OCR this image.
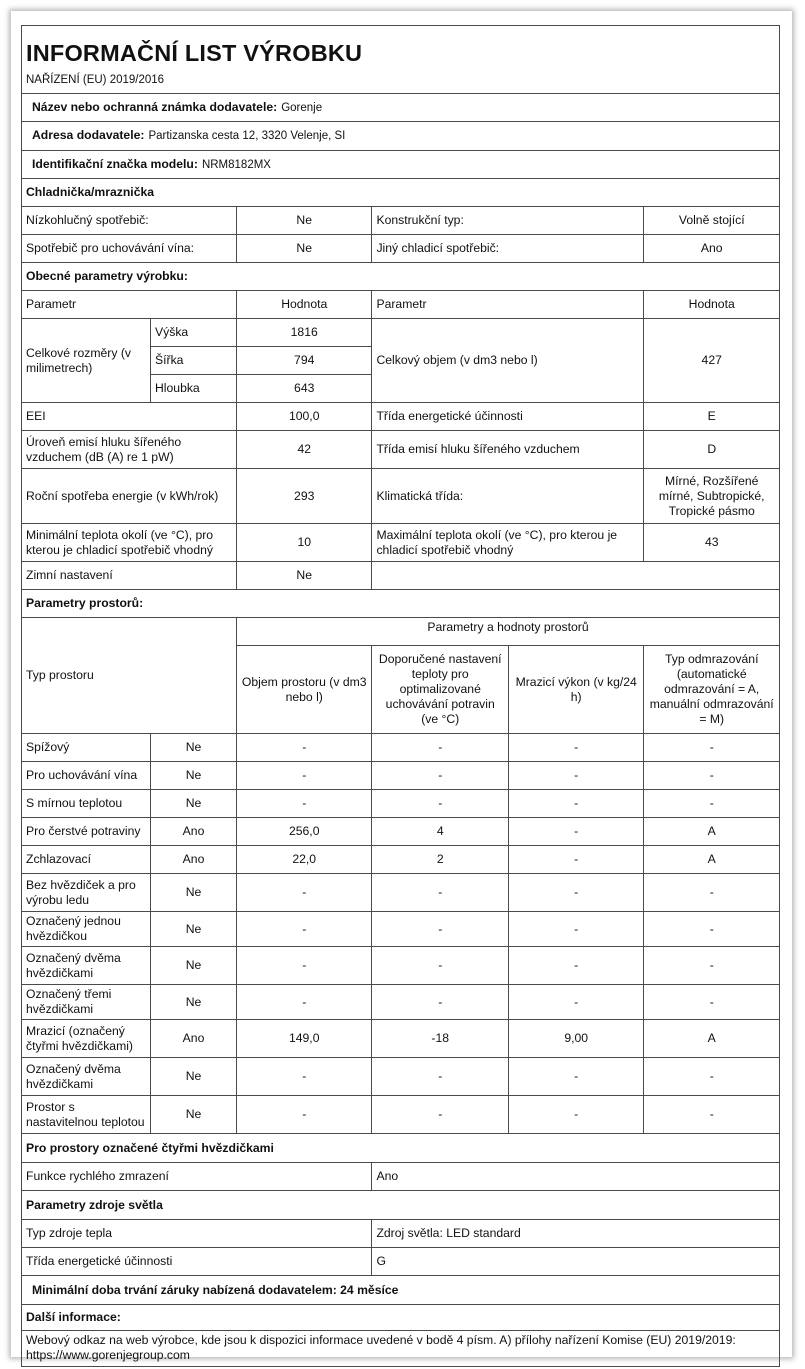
INFORMAČNÍ LIST VÝROBKU					
NAŘÍZENÍ (EU) 2019/2016					
Název nebo ochranná známka dodavatele: Gorenje					
Adresa dodavatele: Partizanska cesta 12, 3320 Velenje, SI					
Identifikační značka modelu: NRM8182MX					
Chladnička/mraznička					
Nízkohlučný spotřebič:		Ne	Konstrukční typ:		Volně stojící
Spotřebič pro uchovávání vína:		Ne	Jiný chladicí spotřebič:		Ano
Obecné parametry výrobku:					
Parametr		Hodnota	Parametr		Hodnota
Celkové rozměry (v milimetrech)	Výška	1816	Celkový objem (v dm3 nebo l)		427
	Šířka	794			
	Hloubka	643			
EEI		100,0	Třída energetické účinnosti		E
Úroveň emisí hluku šířeného vzduchem (dB (A) re 1 pW)		42	Třída emisí hluku šířeného vzduchem		D
Roční spotřeba energie (v kWh/rok)		293	Klimatická třída:		Mírné, Rozšířené mírné, Subtropické, Tropické pásmo
Minimální teplota okolí (ve °C), pro kterou je chladicí spotřebič vhodný		10	Maximální teplota okolí (ve °C), pro kterou je chladicí spotřebič vhodný		43
Zimní nastavení		Ne			
Parametry prostorů:					
Typ prostoru		Parametry a hodnoty prostorů			
		Objem prostoru (v dm3 nebo l)	Doporučené nastavení teploty pro optimalizované uchovávání potravin (ve °C)	Mrazicí výkon (v kg/24 h)	Typ odmrazování (automatické odmrazování = A, manuální odmrazování = M)
Spížový	Ne	-	-	-	-
Pro uchovávání vína	Ne	-	-	-	-
S mírnou teplotou	Ne	-	-	-	-
Pro čerstvé potraviny	Ano	256,0	4	-	A
Zchlazovací	Ano	22,0	2	-	A
Bez hvězdiček a pro výrobu ledu	Ne	-	-	-	-
Označený jednou hvězdičkou	Ne	-	-	-	-
Označený dvěma hvězdičkami	Ne	-	-	-	-
Označený třemi hvězdičkami	Ne	-	-	-	-
Mrazicí (označený čtyřmi hvězdičkami)	Ano	149,0	-18	9,00	A
Označený dvěma hvězdičkami	Ne	-	-	-	-
Prostor s nastavitelnou teplotou	Ne	-	-	-	-
Pro prostory označené čtyřmi hvězdičkami					
Funkce rychlého zmrazení			Ano		
Parametry zdroje světla					
Typ zdroje tepla			Zdroj světla: LED standard		
Třída energetické účinnosti			G		
Minimální doba trvání záruky nabízená dodavatelem: 24 měsíce					
Další informace:					

Webový odkaz na web výrobce, kde jsou k dispozici informace uvedené v bodě 4 písm. A) přílohy nařízení Komise (EU) 2019/2019:
https://www.gorenjegroup.com					
